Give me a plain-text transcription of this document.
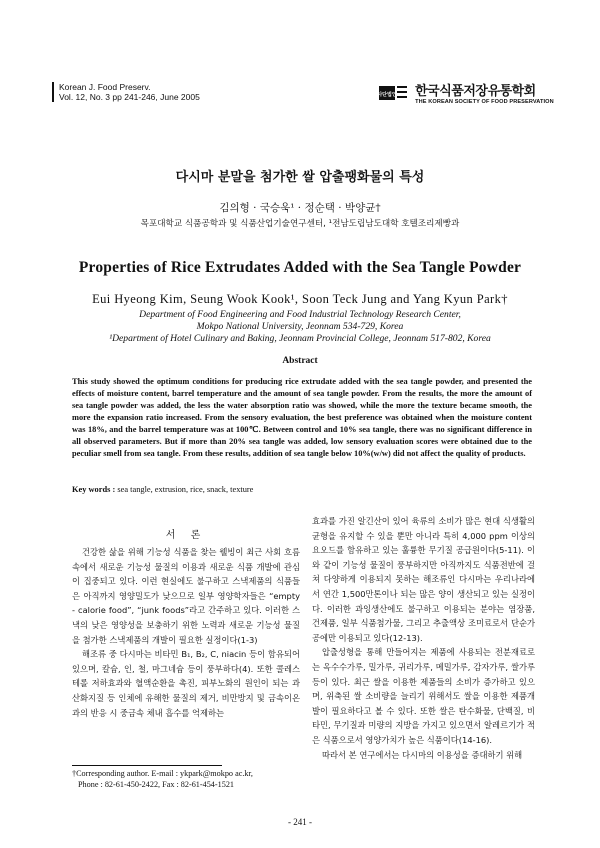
Korean J. Food Preserv.
Vol. 12, No. 3 pp 241-246, June 2005	사단법인
한국식품저장유통학회
THE KOREAN SOCIETY OF FOOD PRESERVATION
다시마 분말을 첨가한 쌀 압출팽화물의 특성
김의형 · 국승욱¹ · 정순택 · 박양균†
목포대학교 식품공학과 및 식품산업기술연구센터, ¹전남도립남도대학 호텔조리제빵과
Properties of Rice Extrudates Added with the Sea Tangle Powder
Eui Hyeong Kim, Seung Wook Kook¹, Soon Teck Jung and Yang Kyun Park†
Department of Food Engineering and Food Industrial Technology Research Center,
Mokpo National University, Jeonnam 534-729, Korea
¹Department of Hotel Culinary and Baking, Jeonnam Provincial College, Jeonnam 517-802, Korea
Abstract
This study showed the optimum conditions for producing rice extrudate added with the sea tangle powder, and presented the effects of moisture content, barrel temperature and the amount of sea tangle powder. From the results, the more the amount of sea tangle powder was added, the less the water absorption ratio was showed, while the more the texture became smooth, the more the expansion ratio increased. From the sensory evaluation, the best preference was obtained when the moisture content was 18%, and the barrel temperature was at 100℃. Between control and 10% sea tangle, there was no significant difference in all observed parameters. But if more than 20% sea tangle was added, low sensory evaluation scores were obtained due to the peculiar smell from sea tangle. From these results, addition of sea tangle below 10%(w/w) did not affect the quality of products.
Key words : sea tangle, extrusion, rice, snack, texture
서 론

건강한 삶을 위해 기능성 식품을 찾는 웰빙이 최근 사회 흐름 속에서 새로운 기능성 물질의 이용과 새로운 식품 개발에 관심이 집중되고 있다. 이런 현실에도 불구하고 스낵제품의 식품들은 아직까지 영양밀도가 낮으므로 일부 영양학자들은 “empty - calorie food”, “junk foods”라고 간주하고 있다. 이러한 스낵의 낮은 영양성을 보충하기 위한 노력과 새로운 기능성 물질을 첨가한 스낵제품의 개발이 필요한 실정이다(1-3)

해조류 중 다시마는 비타민 B₁, B₂, C, niacin 등이 함유되어 있으며, 칼슘, 인, 철, 마그네슘 등이 풍부하다(4). 또한 콜레스테롤 저하효과와 혈액순환을 촉진, 피부노화의 원인이 되는 과산화지질 등 인체에 유해한 물질의 제거, 비만방지 및 금속이온과의 반응 시 중금속 체내 흡수를 억제하는

효과를 가진 알긴산이 있어 육류의 소비가 많은 현대 식생활의 균형을 유지할 수 있을 뿐만 아니라 특히 4,000 ppm 이상의 요오드를 함유하고 있는 훌륭한 무기질 공급원이다(5-11). 이와 같이 기능성 물질이 풍부하지만 아직까지도 식품전반에 걸쳐 다양하게 이용되지 못하는 해조류인 다시마는 우리나라에서 연간 1,500만톤이나 되는 많은 양이 생산되고 있는 실정이다. 이러한 과잉생산에도 불구하고 이용되는 분야는 염장품, 건제품, 일부 식품첨가물, 그리고 추출액상 조미료로서 단순가공에만 이용되고 있다(12-13).

압출성형을 통해 만들어지는 제품에 사용되는 전분재료로는 옥수수가루, 밀가루, 귀리가루, 메밀가루, 감자가루, 쌀가루 등이 있다. 최근 쌀을 이용한 제품들의 소비가 증가하고 있으며, 위축된 쌀 소비량을 늘리기 위해서도 쌀을 이용한 제품개발이 필요하다고 볼 수 있다. 또한 쌀은 탄수화물, 단백질, 비타민, 무기질과 미량의 지방을 가지고 있으면서 알레르기가 적은 식품으로서 영양가치가 높은 식품이다(14-16).

따라서 본 연구에서는 다시마의 이용성을 증대하기 위해

†Corresponding author. E-mail : ykpark@mokpo ac.kr,
Phone : 82-61-450-2422, Fax : 82-61-454-1521
- 241 -
